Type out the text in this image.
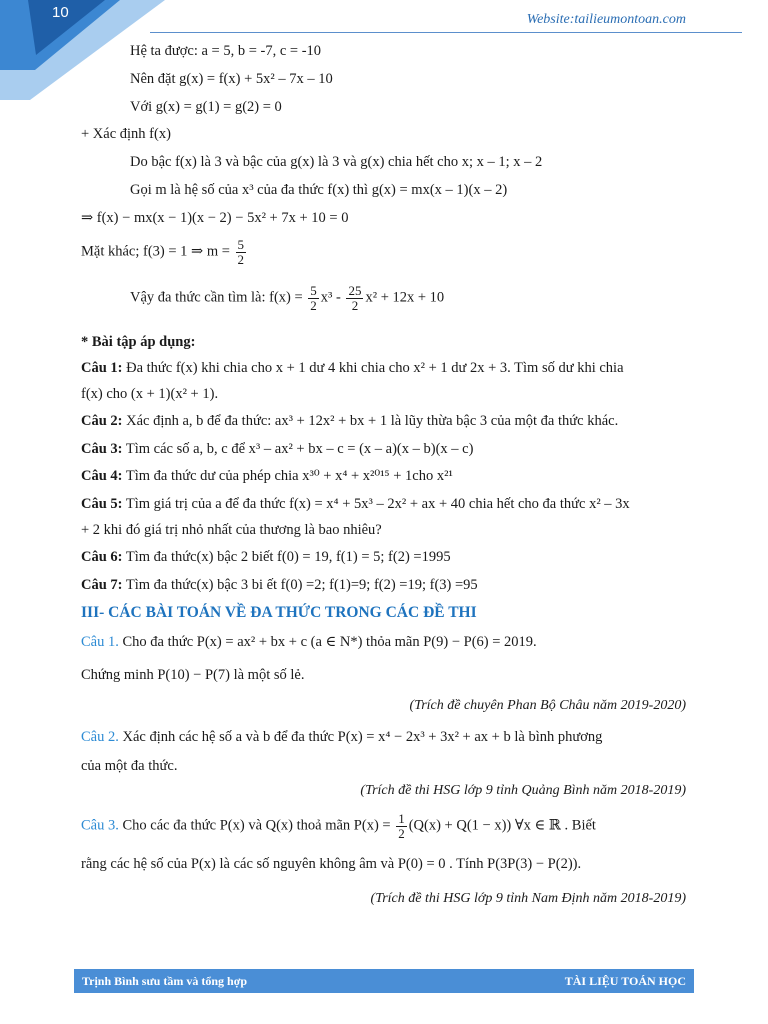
10	Website:tailieumontoan.com
Hệ ta được: a = 5, b = -7, c = -10
Nên đặt g(x) = f(x) + 5x² – 7x – 10
Với g(x) = g(1) = g(2) = 0
+ Xác định f(x)
Do bậc f(x) là 3 và bậc của g(x) là 3 và g(x) chia hết cho x; x – 1; x – 2
Gọi m là hệ số của x³ của đa thức f(x) thì g(x) = mx(x – 1)(x – 2)
⇒ f(x) − mx(x − 1)(x − 2) − 5x² + 7x + 10 = 0
Mặt khác; f(3) = 1 ⇒ $m = \frac{5}{2}$
Vậy đa thức cần tìm là: $f(x) = \frac{5}{2} x^3 - \frac{25}{2} x^2 + 12x + 10$
* Bài tập áp dụng:
Câu 1: Đa thức f(x) khi chia cho x + 1 dư 4 khi chia cho x² + 1 dư 2x + 3. Tìm số dư khi chia
f(x) cho (x + 1)(x² + 1).
Câu 2: Xác định a, b để đa thức: ax³ + 12x² + bx + 1 là lũy thừa bậc 3 của một đa thức khác.
Câu 3: Tìm các số a, b, c để x³ – ax² + bx – c = (x – a)(x – b)(x – c)
Câu 4: Tìm đa thức dư của phép chia x³⁰ + x⁴ + x²⁰¹⁵ + 1cho x²¹
Câu 5: Tìm giá trị của a để đa thức f(x) = x⁴ + 5x³ – 2x² + ax + 40 chia hết cho đa thức x² – 3x
+ 2 khi đó giá trị nhỏ nhất của thương là bao nhiêu?
Câu 6: Tìm đa thức(x) bậc 2 biết f(0) = 19, f(1) = 5; f(2) =1995
Câu 7: Tìm đa thức(x) bậc 3 bi ết f(0) =2; f(1)=9; f(2) =19; f(3) =95
III- CÁC BÀI TOÁN VỀ ĐA THỨC TRONG CÁC ĐỀ THI
Câu 1. Cho đa thức P(x) = ax² + bx + c (a ∈ N*) thỏa mãn P(9) − P(6) = 2019.
Chứng minh P(10) − P(7) là một số lẻ.
(Trích đề chuyên Phan Bộ Châu năm 2019-2020)
Câu 2. Xác định các hệ số a và b để đa thức P(x) = x⁴ − 2x³ + 3x² + ax + b là bình phương
của một đa thức.
(Trích đề thi HSG lớp 9 tỉnh Quảng Bình năm 2018-2019)
Câu 3. Cho các đa thức P(x) và Q(x) thoả mãn $P(x) = \frac{1}{2} (Q(x) + Q(1 - x))$ ∀x ∈ ℝ . Biết
rằng các hệ số của P(x) là các số nguyên không âm và P(0) = 0 . Tính P(3P(3) − P(2)).
(Trích đề thi HSG lớp 9 tỉnh Nam Định năm 2018-2019)
Trịnh Bình sưu tầm và tổng hợp	TÀI LIỆU TOÁN HỌC
